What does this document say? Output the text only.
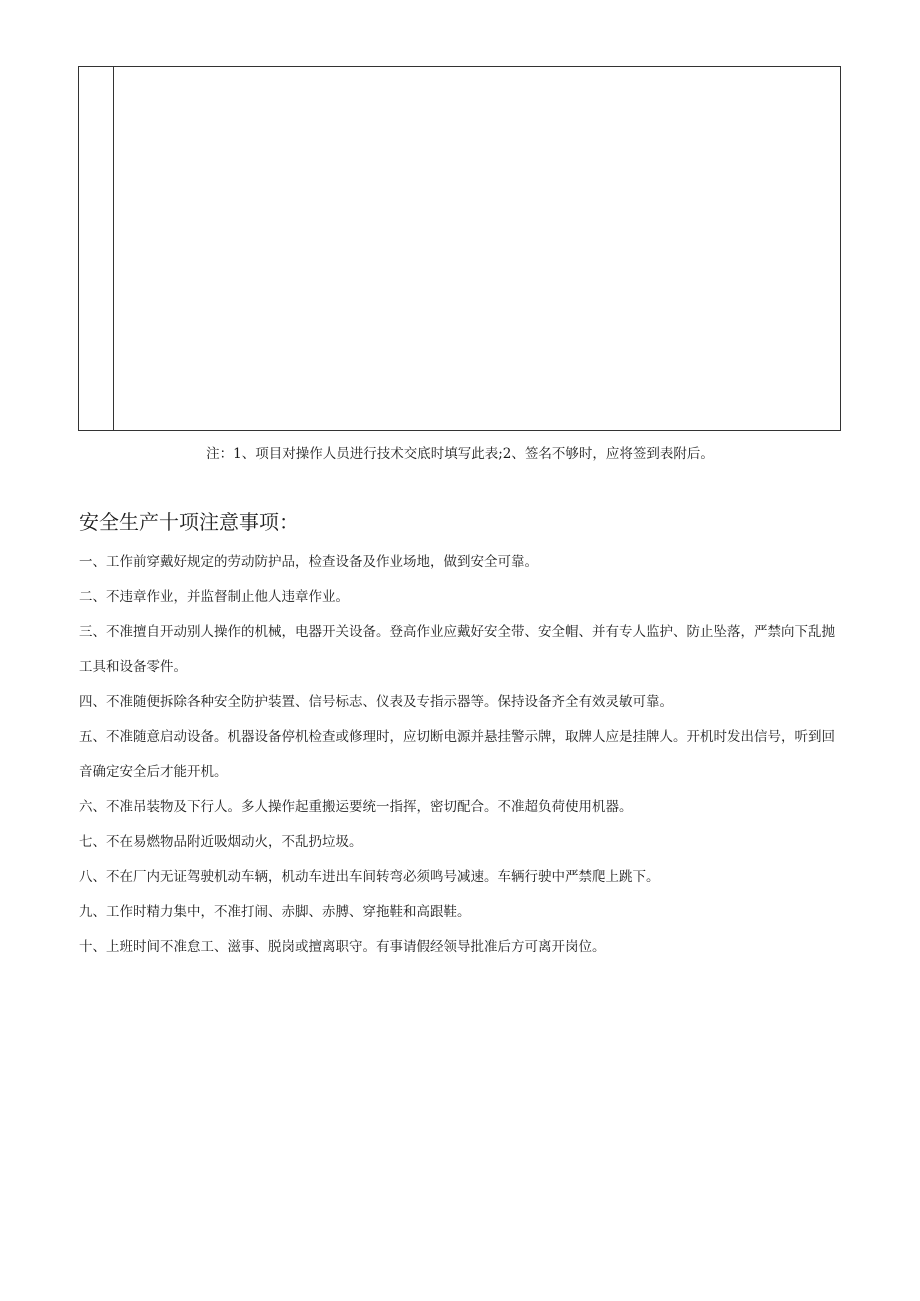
注：1、项目对操作人员进行技术交底时填写此表;2、签名不够时，应将签到表附后。
安全生产十项注意事项：
一、工作前穿戴好规定的劳动防护品，检查设备及作业场地，做到安全可靠。
二、不违章作业，并监督制止他人违章作业。
三、不准擅自开动别人操作的机械，电器开关设备。登高作业应戴好安全带、安全帽、并有专人监护、防止坠落，严禁向下乱抛工具和设备零件。
四、不准随便拆除各种安全防护装置、信号标志、仪表及专指示器等。保持设备齐全有效灵敏可靠。
五、不准随意启动设备。机器设备停机检查或修理时，应切断电源并悬挂警示牌，取牌人应是挂牌人。开机时发出信号，听到回音确定安全后才能开机。
六、不准吊装物及下行人。多人操作起重搬运要统一指挥，密切配合。不准超负荷使用机器。
七、不在易燃物品附近吸烟动火，不乱扔垃圾。
八、不在厂内无证驾驶机动车辆，机动车进出车间转弯必须鸣号减速。车辆行驶中严禁爬上跳下。
九、工作时精力集中，不准打闹、赤脚、赤膊、穿拖鞋和高跟鞋。
十、上班时间不准怠工、滋事、脱岗或擅离职守。有事请假经领导批准后方可离开岗位。
